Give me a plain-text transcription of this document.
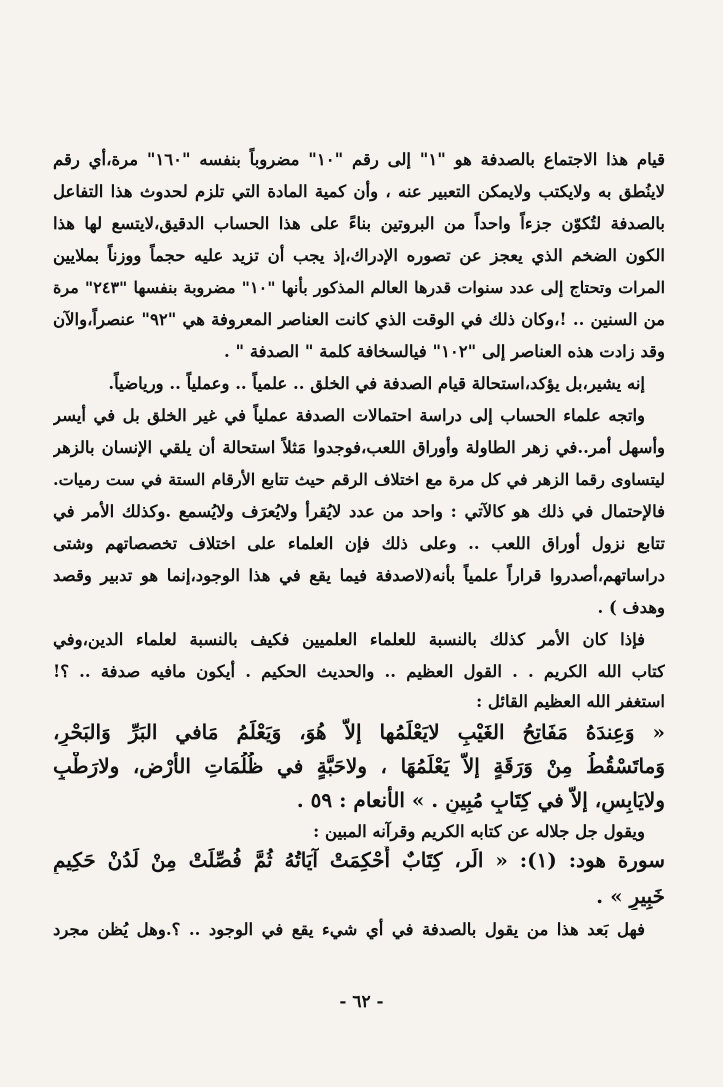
قيام هذا الاجتماع بالصدفة هو "١" إلى رقم "١٠" مضروباً بنفسه "١٦٠" مرة،أي رقم
لاينُطق به ولايكتب ولايمكن التعبير عنه ، وأن كمية المادة التي تلزم لحدوث هذا التفاعل
بالصدفة لتُكوّن جزءاً واحداً من البروتين بناءً على هذا الحساب الدقيق،لايتسع لها هذا
الكون الضخم الذي يعجز عن تصوره الإدراك،إذ يجب أن تزيد عليه حجماً ووزناً بملايين
المرات وتحتاج إلى عدد سنوات قدرها العالم المذكور بأنها "١٠" مضروبة بنفسها "٢٤٣" مرة
من السنين .. !،وكان ذلك في الوقت الذي كانت العناصر المعروفة هي "٩٢" عنصراً،والآن
وقد زادت هذه العناصر إلى "١٠٢" فيالسخافة كلمة " الصدفة " .
إنه يشير،بل يؤكد،استحالة قيام الصدفة في الخلق .. علمياً .. وعملياً .. ورياضياً.
واتجه علماء الحساب إلى دراسة احتمالات الصدفة عملياً في غير الخلق بل في أيسر
وأسهل أمر..في زهر الطاولة وأوراق اللعب،فوجدوا مَثلاً استحالة أن يلقي الإنسان بالزهر
ليتساوى رقما الزهر في كل مرة مع اختلاف الرقم حيث تتابع الأرقام الستة في ست رميات.
فالإحتمال في ذلك هو كالآتي : واحد من عدد لايُقرأ ولايُعرَف ولايُسمع .وكذلك الأمر في
تتابع نزول أوراق اللعب .. وعلى ذلك فإن العلماء على اختلاف تخصصاتهم وشتى
دراساتهم،أصدروا قراراً علمياً بأنه(لاصدفة فيما يقع في هذا الوجود،إنما هو تدبير وقصد
وهدف ) .
فإذا كان الأمر كذلك بالنسبة للعلماء العلميين فكيف بالنسبة لعلماء الدين،وفي
كتاب الله الكريم . . القول العظيم .. والحديث الحكيم . أيكون مافيه صدفة .. ؟!
استغفر الله العظيم القائل :
« وَعِندَهُ مَفَاتِحُ الغَيْبِ لايَعْلَمُها إلاّ هُوَ، وَيَعْلَمُ مَافي البَرِّ وَالبَحْرِ،
وَماتَسْقُطُ مِنْ وَرَقَةٍ إلاّ يَعْلَمُهَا ، ولاحَبَّةٍ في ظُلُمَاتِ الأرْضِ، ولارَطْبٍ
ولايَابِسٍ، إلاّ في كِتَابٍ مُبِينٍ . » الأنعام : ٥٩ .
ويقول جل جلاله عن كتابه الكريم وقرآنه المبين :
سورة هود: (١): « الَر، كِتَابٌ أُحْكِمَتْ آيَاتُهُ ثُمَّ فُصِّلَتْ مِنْ لَدُنْ حَكِيمٍ
خَبِيرٍ » .
فهل بَعد هذا من يقول بالصدفة في أي شيء يقع في الوجود .. ؟.وهل يُظن مجرد
- ٦٢ -
